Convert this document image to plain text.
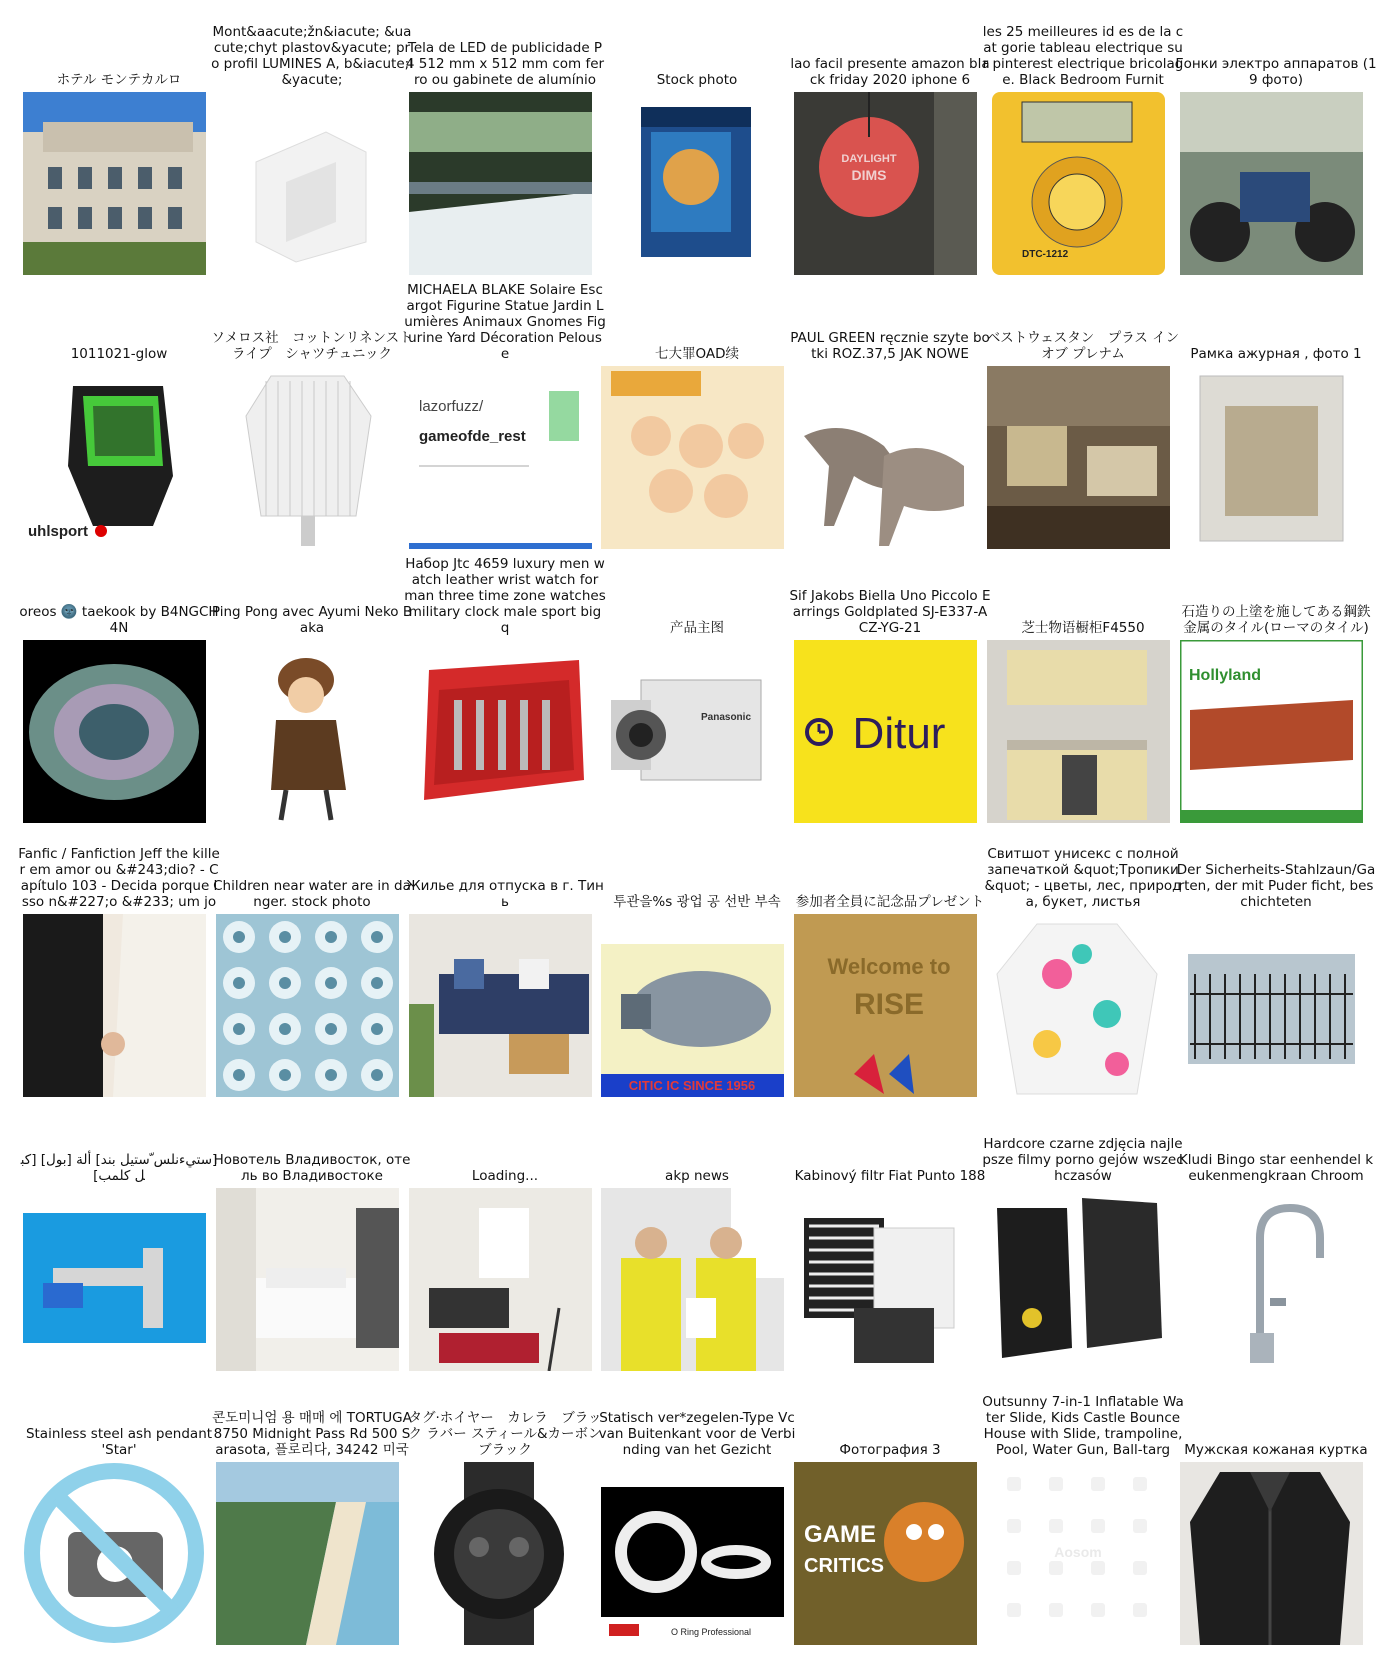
ホテル モンテカルロ
Mont&aacute;žn&iacute; &uacute;chyt plastov&yacute; pro profil LUMINES A, b&iacute;l&yacute;
Tela de LED de publicidade P4 512 mm x 512 mm com ferro ou gabinete de alumínio	Stock photo
lao facil presente amazon black friday 2020 iphone 6
DAYLIGHT
DIMS
les 25 meilleures id es de la cat gorie tableau electrique sur pinterest electrique bricolage. Black Bedroom Furnit
DTC-1212
Гонки электро аппаратов (19 фото)
1011021-glow
uhlsport
ソメロス社　コットンリネンストライプ　シャツチュニック
MICHAELA BLAKE Solaire Escargot Figurine Statue Jardin Lumières Animaux Gnomes Figurine Yard Décoration Pelouse
lazorfuzz/
gameofde_rest
七大罪OAD续
PAUL GREEN ręcznie szyte botki ROZ.37,5 JAK NOWE
ベストウェスタン　プラス イン オブ プレナム	Рамка ажурная , фото 1
oreos 🌚 taekook by B4NGCH4N
Ping Pong avec Ayumi Neko Baka
Набор Jtc 4659 luxury men watch leather wrist watch for man three time zone watches military clock male sport big q	产品主图
Panasonic
Sif Jakobs Biella Uno Piccolo Earrings Goldplated SJ-E337-ACZ-YG-21
Ditur
芝士物语橱柜F4550
石造りの上塗を施してある鋼鉄金属のタイル(ローマのタイル)
Hollyland
Fanfic / Fanfiction Jeff the killer em amor ou &#243;dio? - Capítulo 103 - Decida porque isso n&#227;o &#233; um jo
Children near water are in danger. stock photo
Жилье для отпуска в г. Тинь	투관을%s 광업 공 선반 부속
CITIC IC SINCE 1956
参加者全員に記念品プレゼント
Welcome to
RISE
Свитшот унисекс с полной запечаткой &quot;Тропики&quot; - цветы, лес, природа, букет, листья
Der Sicherheits-Stahlzaun/Garten, der mit Puder ficht, beschichteten
[ستيءنلس ّستيل بند] ألة [بول] [كبل كلمب]
Новотель Владивосток, отель во Владивостоке	Loading...	akp news	Kabinový filtr Fiat Punto 188
Hardcore czarne zdjęcia najlepsze filmy porno gejów wszechczasów
Kludi Bingo star eenhendel keukenmengkraan Chroom
Stainless steel ash pendant 'Star'
콘도미니엄 용 매매 에 TORTUGA 8750 Midnight Pass Rd 500 Sarasota, 플로리다, 34242 미국
タグ·ホイヤー　カレラ　ブラック ラバー スティール&カーボン ブラック
Statisch ver*zegelen-Type Vc van Buitenkant voor de Verbinding van het Gezicht
O Ring Professional
Фотография 3
GAME
CRITICS
Outsunny 7-in-1 Inflatable Water Slide, Kids Castle Bounce House with Slide, trampoline, Pool, Water Gun, Ball-targ
Aosom
Мужская кожаная куртка
